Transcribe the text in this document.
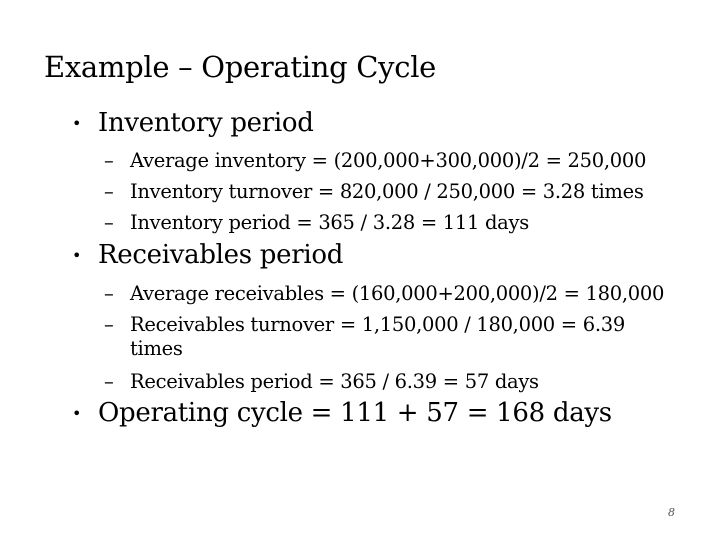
Example – Operating Cycle
• Inventory period
– Average inventory = (200,000+300,000)/2 = 250,000
– Inventory turnover = 820,000 / 250,000 = 3.28 times
– Inventory period = 365 / 3.28 = 111 days
• Receivables period
– Average receivables = (160,000+200,000)/2 = 180,000
– Receivables turnover = 1,150,000 / 180,000 = 6.39 times
– Receivables period = 365 / 6.39 = 57 days
• Operating cycle = 111 + 57 = 168 days
8
